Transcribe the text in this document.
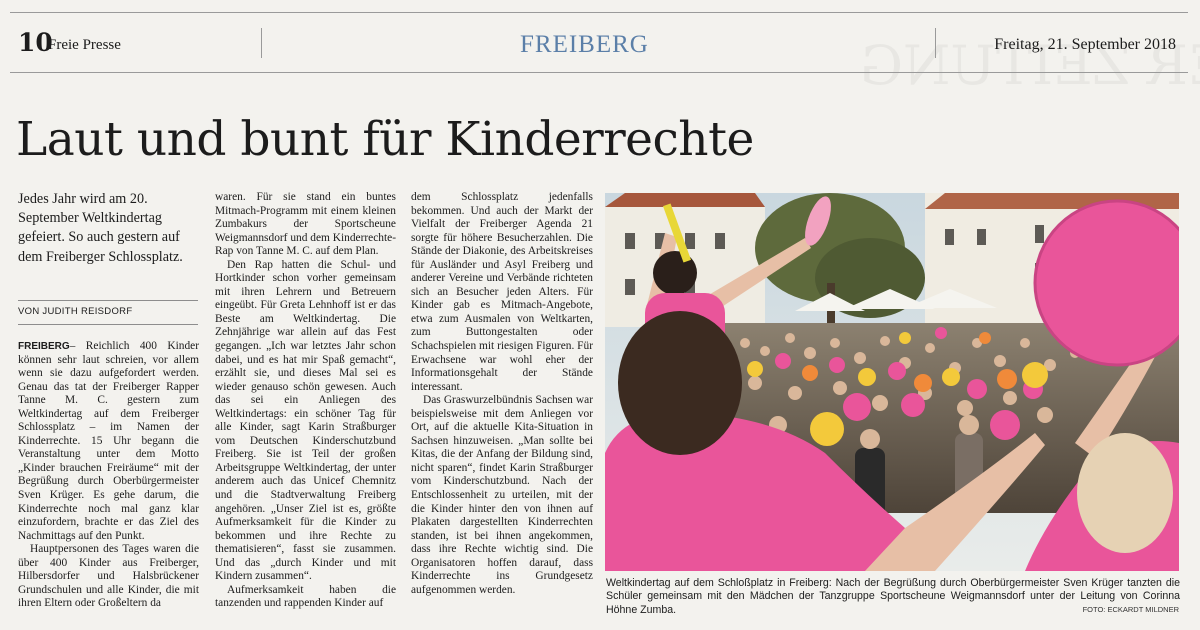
10
Freie Presse	FREIBERG	Freitag, 21. September 2018
Laut und bunt für Kinderrechte
Jedes Jahr wird am 20. September Weltkindertag gefeiert. So auch gestern auf dem Freiberger Schlossplatz.
VON JUDITH REISDORF

FREIBERG– Reichlich 400 Kinder können sehr laut schreien, vor allem wenn sie dazu aufgefordert werden. Genau das tat der Freiberger Rapper Tanne M. C. gestern zum Weltkindertag auf dem Freiberger Schlossplatz – im Namen der Kinderrechte. 15 Uhr begann die Veranstaltung unter dem Motto „Kinder brauchen Freiräume“ mit der Begrüßung durch Oberbürgermeister Sven Krüger. Es gehe darum, die Kinderrechte noch mal ganz klar einzufordern, brachte er das Ziel des Nachmittags auf den Punkt.

Hauptpersonen des Tages waren die über 400 Kinder aus Freiberger, Hilbersdorfer und Halsbrückener Grundschulen und alle Kinder, die mit ihren Eltern oder Großeltern da

waren. Für sie stand ein buntes Mitmach-Programm mit einem kleinen Zumbakurs der Sportscheune Weigmannsdorf und dem Kinderrechte-Rap von Tanne M. C. auf dem Plan.

Den Rap hatten die Schul- und Hortkinder schon vorher gemeinsam mit ihren Lehrern und Betreuern eingeübt. Für Greta Lehnhoff ist er das Beste am Weltkindertag. Die Zehnjährige war allein auf das Fest gegangen. „Ich war letztes Jahr schon dabei, und es hat mir Spaß gemacht“, erzählt sie, und dieses Mal sei es wieder genauso schön gewesen. Auch das sei ein Anliegen des Weltkindertags: ein schöner Tag für alle Kinder, sagt Karin Straßburger vom Deutschen Kinderschutzbund Freiberg. Sie ist Teil der großen Arbeitsgruppe Weltkindertag, der unter anderem auch das Unicef Chemnitz und die Stadtverwaltung Freiberg angehören. „Unser Ziel ist es, größte Aufmerksamkeit für die Kinder zu bekommen und ihre Rechte zu thematisieren“, fasst sie zusammen. Und das „durch Kinder und mit Kindern zusammen“.

Aufmerksamkeit haben die tanzenden und rappenden Kinder auf

dem Schlossplatz jedenfalls bekommen. Und auch der Markt der Vielfalt der Freiberger Agenda 21 sorgte für höhere Besucherzahlen. Die Stände der Diakonie, des Arbeitskreises für Ausländer und Asyl Freiberg und anderer Vereine und Verbände richteten sich an Besucher jeden Alters. Für Kinder gab es Mitmach-Angebote, etwa zum Ausmalen von Weltkarten, zum Buttongestalten oder Schachspielen mit riesigen Figuren. Für Erwachsene war wohl eher der Informationsgehalt der Stände interessant.

Das Graswurzelbündnis Sachsen war beispielsweise mit dem Anliegen vor Ort, auf die aktuelle Kita-Situation in Sachsen hinzuweisen. „Man sollte bei Kitas, die der Anfang der Bildung sind, nicht sparen“, findet Karin Straßburger vom Kinderschutzbund. Nach der Entschlossenheit zu urteilen, mit der die Kinder hinter den von ihnen auf Plakaten dargestellten Kinderrechten standen, ist bei ihnen angekommen, dass ihre Rechte wichtig sind. Die Organisatoren hoffen darauf, dass Kinderrechte ins Grundgesetz aufgenommen werden.

Weltkindertag auf dem Schloßplatz in Freiberg: Nach der Begrüßung durch Oberbürgermeister Sven Krüger tanzten die Schüler gemeinsam mit den Mädchen der Tanzgruppe Sportscheune Weigmannsdorf unter der Leitung von Corinna Höhne Zumba.	FOTO: ECKARDT MILDNER
